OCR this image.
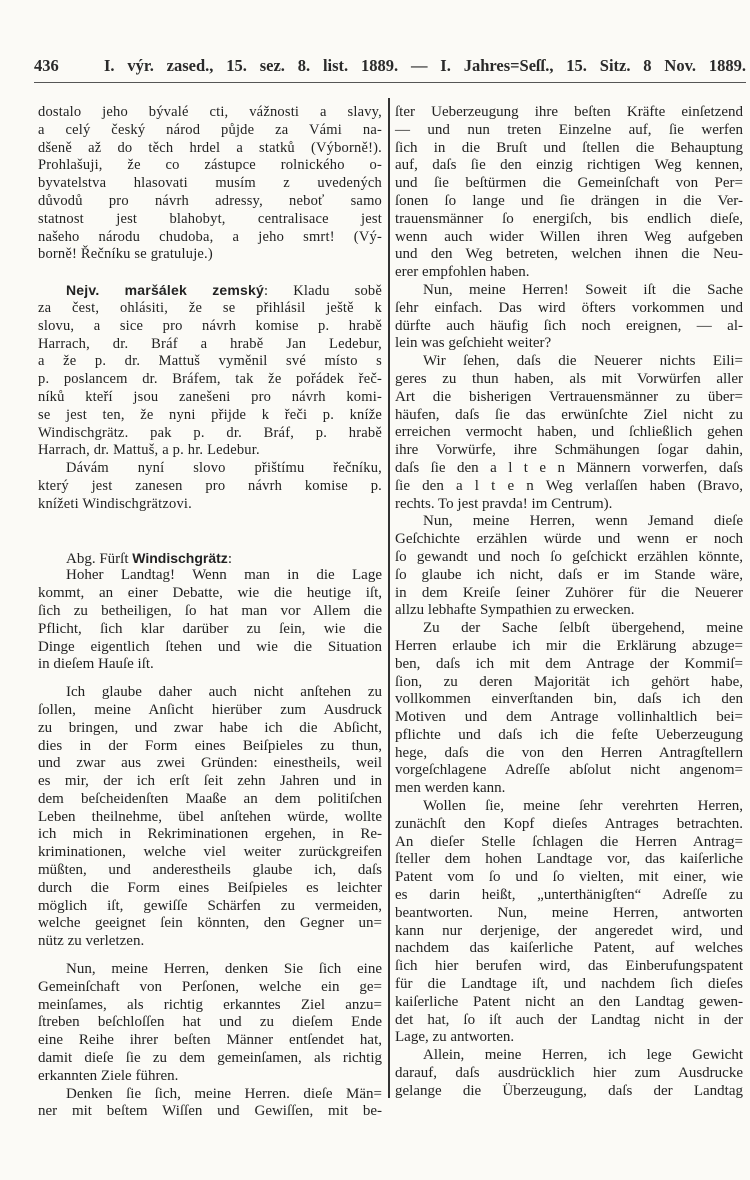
436	I. výr. zased., 15. sez. 8. list. 1889. — I. Jahres=Seſſ., 15. Sitz. 8 Nov. 1889.
dostalo jeho bývalé cti, vážnosti a slavy,
a celý český národ půjde za Vámi na-
dšeně až do těch hrdel a statků (Výborně!).
Prohlašuji, že co zástupce rolnického o-
byvatelstva hlasovati musím z uvedených
důvodů pro návrh adressy, neboť samo
statnost jest blahobyt, centralisace jest
našeho národu chudoba, a jeho smrt! (Vý-
borně! Řečníku se gratuluje.)
Nejv. maršálek zemský: Kladu sobě
za čest, ohlásiti, že se přihlásil ještě k
slovu, a sice pro návrh komise p. hrabě
Harrach, dr. Bráf a hrabě Jan Ledebur,
a že p. dr. Mattuš vyměnil své místo s
p. poslancem dr. Bráfem, tak že pořádek řeč-
níků kteří jsou zanešeni pro návrh komi-
se jest ten, že nyni přijde k řeči p. kníže
Windischgrätz. pak p. dr. Bráf, p. hrabě
Harrach, dr. Mattuš, a p. hr. Ledebur.
Dávám nyní slovo přištímu řečníku,
který jest zanesen pro návrh komise p.
knížeti Windischgrätzovi.
Abg. Fürſt Windischgrätz:
Hoher Landtag! Wenn man in die Lage
kommt, an einer Debatte, wie die heutige iſt,
ſich zu betheiligen, ſo hat man vor Allem die
Pflicht, ſich klar darüber zu ſein, wie die
Dinge eigentlich ſtehen und wie die Situation
in dieſem Hauſe iſt.
Ich glaube daher auch nicht anſtehen zu
ſollen, meine Anſicht hierüber zum Ausdruck
zu bringen, und zwar habe ich die Abſicht,
dies in der Form eines Beiſpieles zu thun,
und zwar aus zwei Gründen: einestheils, weil
es mir, der ich erſt ſeit zehn Jahren und in
dem beſcheidenſten Maaße an dem politiſchen
Leben theilnehme, übel anſtehen würde, wollte
ich mich in Rekriminationen ergehen, in Re-
kriminationen, welche viel weiter zurückgreifen
müßten, und anderestheils glaube ich, daſs
durch die Form eines Beiſpieles es leichter
möglich iſt, gewiſſe Schärfen zu vermeiden,
welche geeignet ſein könnten, den Gegner un=
nütz zu verletzen.
Nun, meine Herren, denken Sie ſich eine
Gemeinſchaft von Perſonen, welche ein ge=
meinſames, als richtig erkanntes Ziel anzu=
ſtreben beſchloſſen hat und zu dieſem Ende
eine Reihe ihrer beſten Männer entſendet hat,
damit dieſe ſie zu dem gemeinſamen, als richtig
erkannten Ziele führen.
Denken ſie ſich, meine Herren. dieſe Män=
ner mit beſtem Wiſſen und Gewiſſen, mit be-
ſter Ueberzeugung ihre beſten Kräfte einſetzend
— und nun treten Einzelne auf, ſie werfen
ſich in die Bruſt und ſtellen die Behauptung
auf, daſs ſie den einzig richtigen Weg kennen,
und ſie beſtürmen die Gemeinſchaft von Per=
ſonen ſo lange und ſie drängen in die Ver-
trauensmänner ſo energiſch, bis endlich dieſe,
wenn auch wider Willen ihren Weg aufgeben
und den Weg betreten, welchen ihnen die Neu-
erer empfohlen haben.
Nun, meine Herren! Soweit iſt die Sache
ſehr einfach. Das wird öfters vorkommen und
dürfte auch häufig ſich noch ereignen, — al-
lein was geſchieht weiter?
Wir ſehen, daſs die Neuerer nichts Eili=
geres zu thun haben, als mit Vorwürfen aller
Art die bisherigen Vertrauensmänner zu über=
häufen, daſs ſie das erwünſchte Ziel nicht zu
erreichen vermocht haben, und ſchließlich gehen
ihre Vorwürfe, ihre Schmähungen ſogar dahin,
daſs ſie den a l t e n Männern vorwerfen, daſs
ſie den a l t e n Weg verlaſſen haben (Bravo,
rechts. To jest pravda! im Centrum).
Nun, meine Herren, wenn Jemand dieſe
Geſchichte erzählen würde und wenn er noch
ſo gewandt und noch ſo geſchickt erzählen könnte,
ſo glaube ich nicht, daſs er im Stande wäre,
in dem Kreiſe ſeiner Zuhörer für die Neuerer
allzu lebhafte Sympathien zu erwecken.
Zu der Sache ſelbſt übergehend, meine
Herren erlaube ich mir die Erklärung abzuge=
ben, daſs ich mit dem Antrage der Kommiſ=
ſion, zu deren Majorität ich gehört habe,
vollkommen einverſtanden bin, daſs ich den
Motiven und dem Antrage vollinhaltlich bei=
pflichte und daſs ich die feſte Ueberzeugung
hege, daſs die von den Herren Antragſtellern
vorgeſchlagene Adreſſe abſolut nicht angenom=
men werden kann.
Wollen ſie, meine ſehr verehrten Herren,
zunächſt den Kopf dieſes Antrages betrachten.
An dieſer Stelle ſchlagen die Herren Antrag=
ſteller dem hohen Landtage vor, das kaiſerliche
Patent vom ſo und ſo vielten, mit einer, wie
es darin heißt, „unterthänigſten“ Adreſſe zu
beantworten. Nun, meine Herren, antworten
kann nur derjenige, der angeredet wird, und
nachdem das kaiſerliche Patent, auf welches
ſich hier berufen wird, das Einberufungspatent
für die Landtage iſt, und nachdem ſich dieſes
kaiſerliche Patent nicht an den Landtag gewen-
det hat, ſo iſt auch der Landtag nicht in der
Lage, zu antworten.
Allein, meine Herren, ich lege Gewicht
darauf, daſs ausdrücklich hier zum Ausdrucke
gelange die Überzeugung, daſs der Landtag
